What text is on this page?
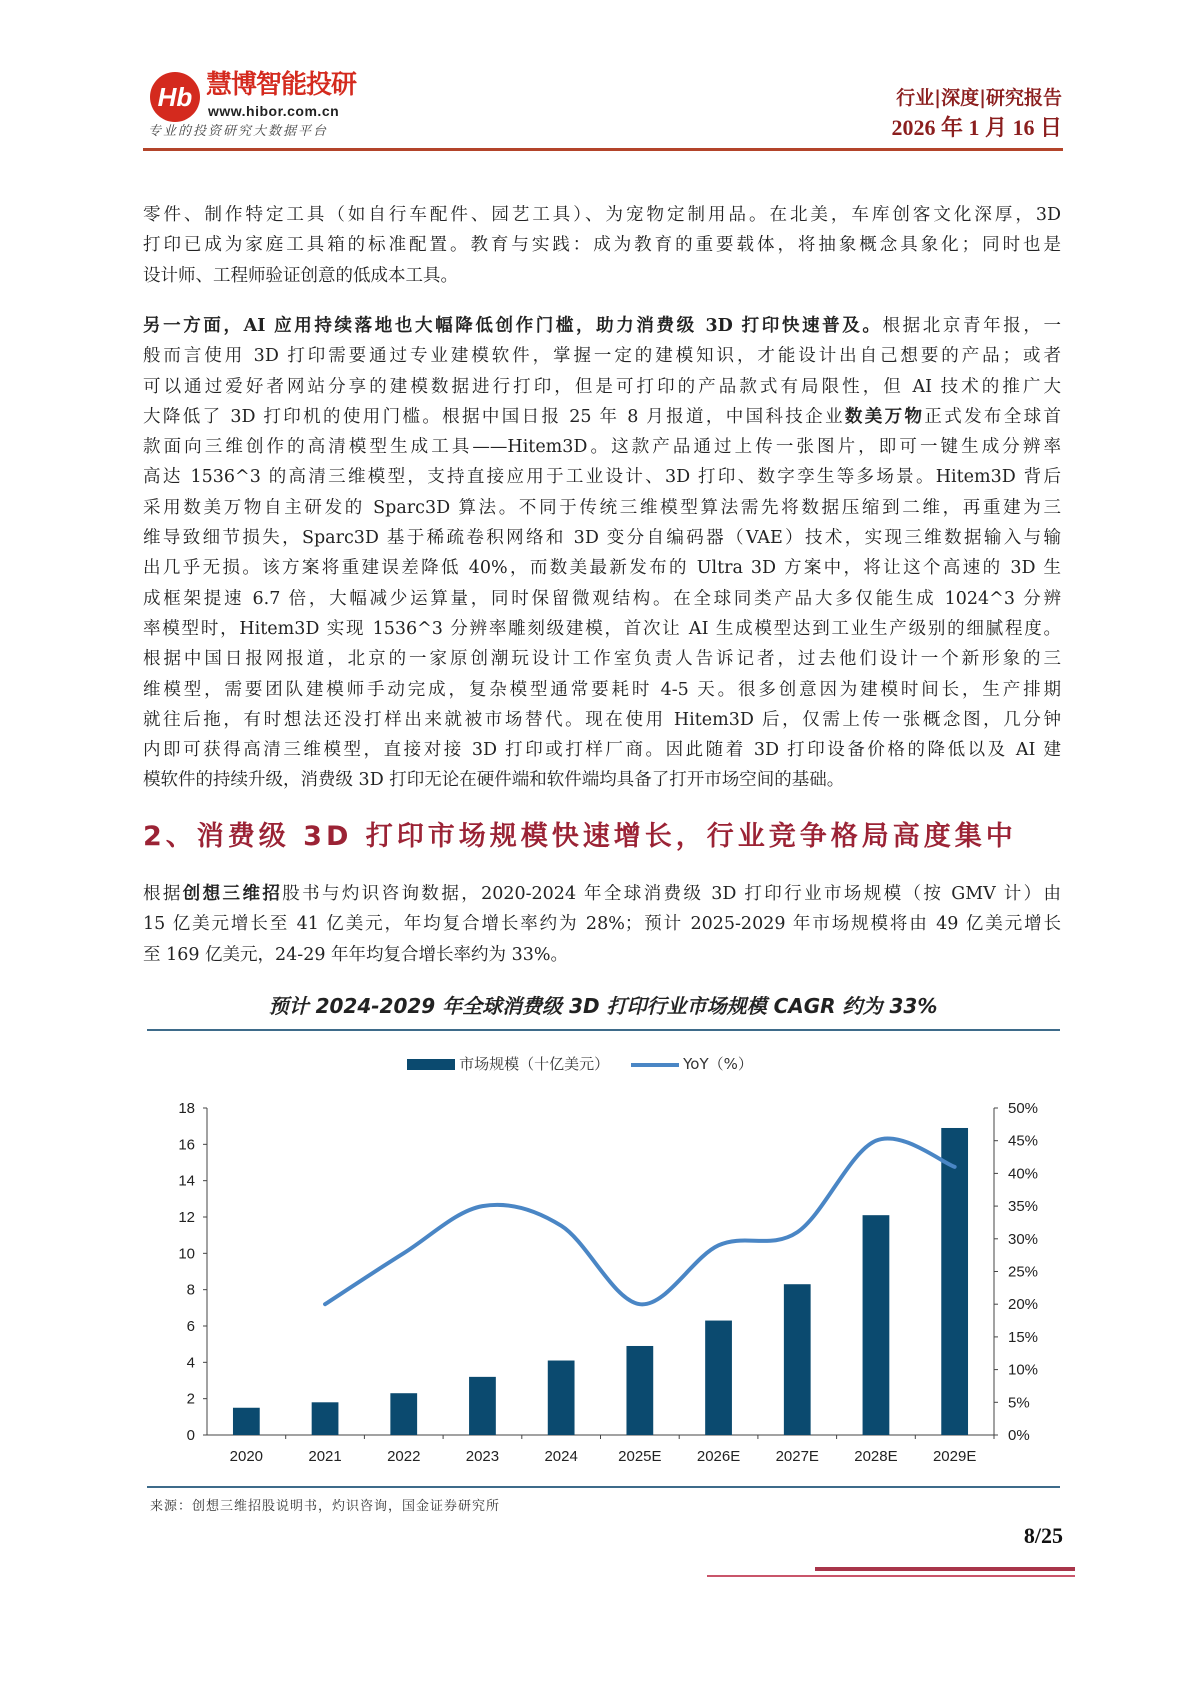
Hb 慧博智能投研
www.hibor.com.cn
专业的投资研究大数据平台
行业|深度|研究报告
2026 年 1 月 16 日
零件、制作特定工具（如自行车配件、园艺工具）、为宠物定制用品。在北美，车库创客文化深厚，3D
打印已成为家庭工具箱的标准配置。教育与实践：成为教育的重要载体，将抽象概念具象化；同时也是
设计师、工程师验证创意的低成本工具。
另一方面，AI 应用持续落地也大幅降低创作门槛，助力消费级 3D 打印快速普及。根据北京青年报，一
般而言使用 3D 打印需要通过专业建模软件，掌握一定的建模知识，才能设计出自己想要的产品；或者
可以通过爱好者网站分享的建模数据进行打印，但是可打印的产品款式有局限性，但 AI 技术的推广大
大降低了 3D 打印机的使用门槛。根据中国日报 25 年 8 月报道，中国科技企业数美万物正式发布全球首
款面向三维创作的高清模型生成工具——Hitem3D。这款产品通过上传一张图片，即可一键生成分辨率
高达 1536^3 的高清三维模型，支持直接应用于工业设计、3D 打印、数字孪生等多场景。Hitem3D 背后
采用数美万物自主研发的 Sparc3D 算法。不同于传统三维模型算法需先将数据压缩到二维，再重建为三
维导致细节损失，Sparc3D 基于稀疏卷积网络和 3D 变分自编码器（VAE）技术，实现三维数据输入与输
出几乎无损。该方案将重建误差降低 40%，而数美最新发布的 Ultra 3D 方案中，将让这个高速的 3D 生
成框架提速 6.7 倍，大幅减少运算量，同时保留微观结构。在全球同类产品大多仅能生成 1024^3 分辨
率模型时，Hitem3D 实现 1536^3 分辨率雕刻级建模，首次让 AI 生成模型达到工业生产级别的细腻程度。
根据中国日报网报道，北京的一家原创潮玩设计工作室负责人告诉记者，过去他们设计一个新形象的三
维模型，需要团队建模师手动完成，复杂模型通常要耗时 4-5 天。很多创意因为建模时间长，生产排期
就往后拖，有时想法还没打样出来就被市场替代。现在使用 Hitem3D 后，仅需上传一张概念图，几分钟
内即可获得高清三维模型，直接对接 3D 打印或打样厂商。因此随着 3D 打印设备价格的降低以及 AI 建
模软件的持续升级，消费级 3D 打印无论在硬件端和软件端均具备了打开市场空间的基础。
2、消费级 3D 打印市场规模快速增长，行业竞争格局高度集中
根据创想三维招股书与灼识咨询数据，2020-2024 年全球消费级 3D 打印行业市场规模（按 GMV 计）由
15 亿美元增长至 41 亿美元，年均复合增长率约为 28%；预计 2025-2029 年市场规模将由 49 亿美元增长
至 169 亿美元，24-29 年年均复合增长率约为 33%。
预计 2024-2029 年全球消费级 3D 打印行业市场规模 CAGR 约为 33%
市场规模（十亿美元）	YoY（%）
0
2
4
6
8
10
12
14
16
18
0%
5%
10%
15%
20%
25%
30%
35%
40%
45%
50%
2020	2021	2022	2023	2024	2025E 2026E 2027E 2028E 2029E
来源：创想三维招股说明书，灼识咨询，国金证券研究所
8/25
